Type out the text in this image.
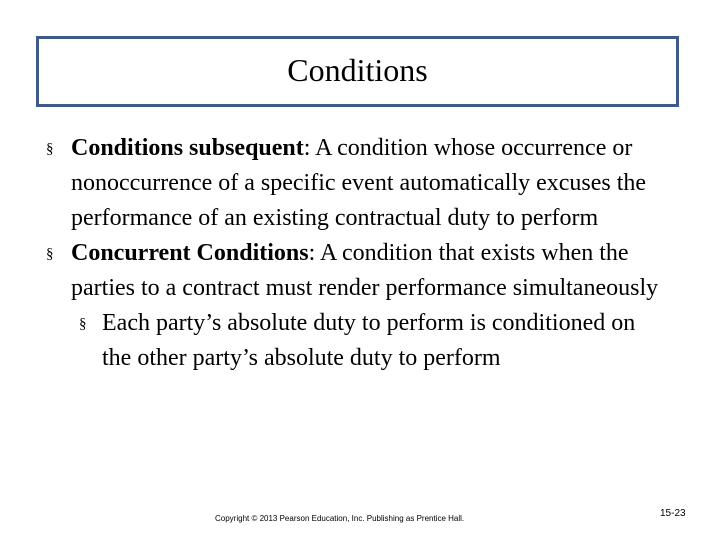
Conditions
§ Conditions subsequent: A condition whose occurrence or nonoccurrence of a specific event automatically excuses the performance of an existing contractual duty to perform
§ Concurrent Conditions: A condition that exists when the parties to a contract must render performance simultaneously
§ Each party’s absolute duty to perform is conditioned on the other party’s absolute duty to perform
Copyright © 2013 Pearson Education, Inc. Publishing as Prentice Hall.	15-23
